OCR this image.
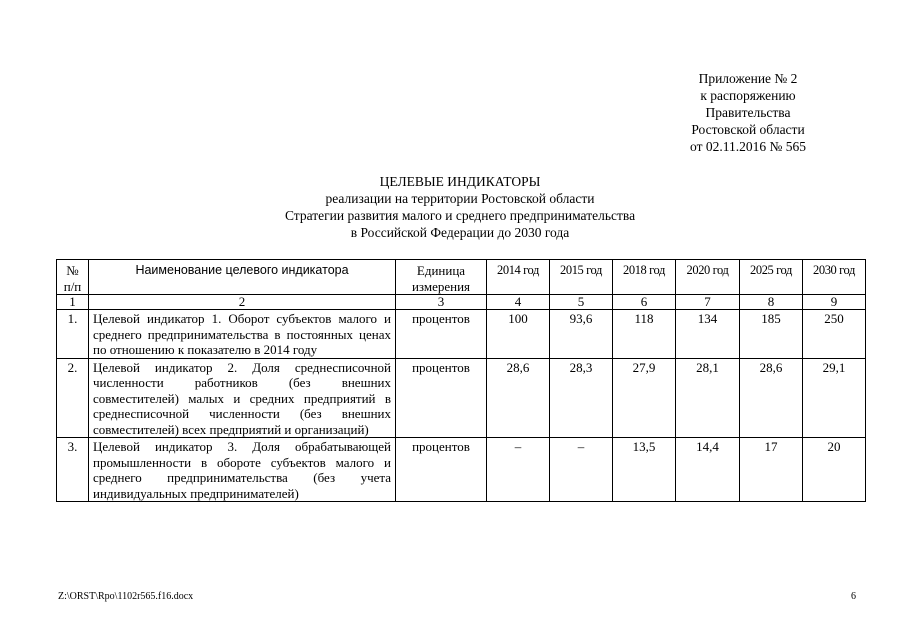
Приложение № 2
к распоряжению
Правительства
Ростовской области
от 02.11.2016 № 565
ЦЕЛЕВЫЕ ИНДИКАТОРЫ
реализации на территории Ростовской области
Стратегии развития малого и среднего предпринимательства
в Российской Федерации до 2030 года
№ п/п	Наименование целевого индикатора	Единица измерения	2014 год	2015 год	2018 год	2020 год	2025 год	2030 год
1	2	3	4	5	6	7	8	9
1.	Целевой индикатор 1. Оборот субъектов малого и среднего предпринимательства в постоянных ценах по отношению к показателю в 2014 году	процентов	100	93,6	118	134	185	250
2.	Целевой индикатор 2. Доля среднесписочной численности работников (без внешних совместителей) малых и средних предприятий в среднесписочной численности (без внешних совместителей) всех предприятий и организаций)	процентов	28,6	28,3	27,9	28,1	28,6	29,1
3.	Целевой индикатор 3. Доля обрабатывающей промышленности в обороте субъектов малого и среднего предпринимательства (без учета индивидуальных предпринимателей)	процентов	–	–	13,5	14,4	17	20
Z:\ORST\Rpo\1102r565.f16.docx	6
